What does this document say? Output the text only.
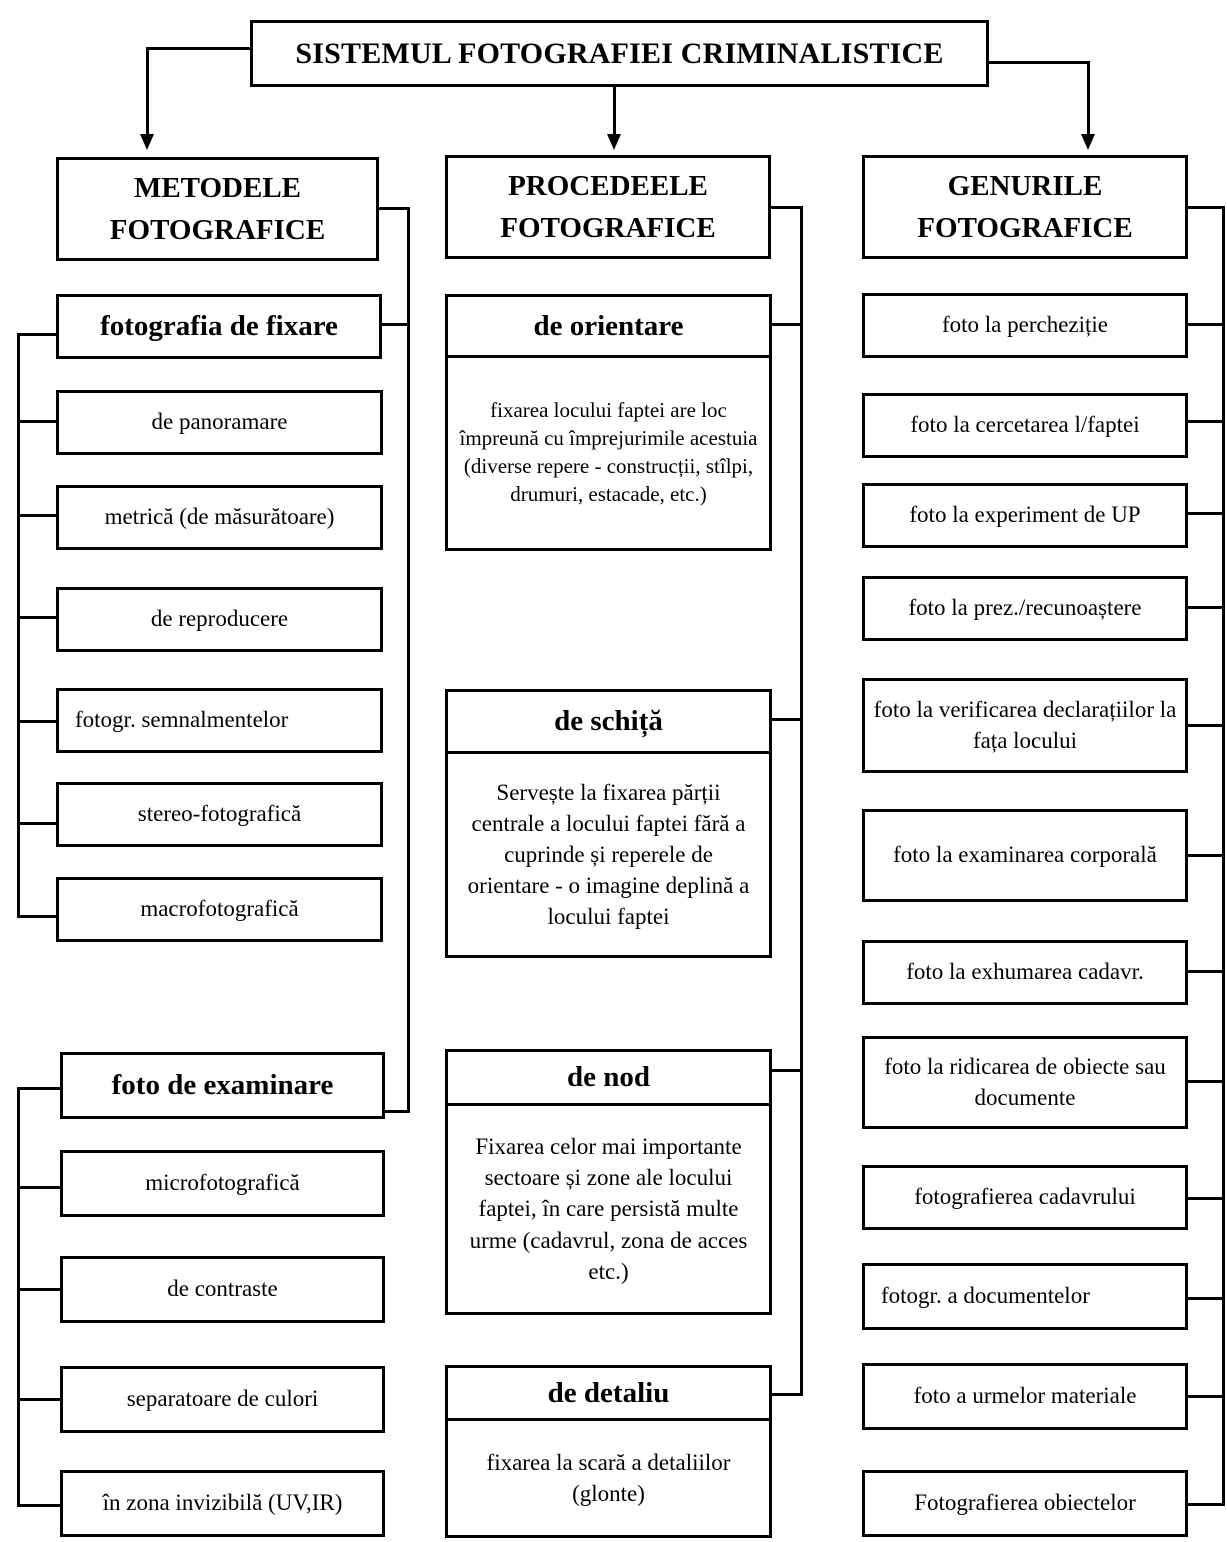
SISTEMUL FOTOGRAFIEI CRIMINALISTICE
METODELE
FOTOGRAFICE
fotografia de fixare
de panoramare
metrică (de măsurătoare)
de reproducere
fotogr. semnalmentelor
stereo-fotografică
macrofotografică
foto de examinare
microfotografică
de contraste
separatoare de culori
în zona invizibilă (UV,IR)
PROCEDEELE
FOTOGRAFICE
de orientare
fixarea locului faptei are loc împreună cu împrejurimile acestuia (diverse repere - construcții, stîlpi, drumuri, estacade, etc.)
de schiță
Servește la fixarea părții centrale a locului faptei fără a cuprinde și reperele de orientare - o imagine deplină a locului faptei
de nod
Fixarea celor mai importante sectoare și zone ale locului faptei, în care persistă multe urme (cadavrul, zona de acces etc.)
de detaliu
fixarea la scară a detaliilor (glonte)
GENURILE
FOTOGRAFICE
foto la percheziție
foto la cercetarea l/faptei
foto la experiment de UP
foto la prez./recunoaștere
foto la verificarea declarațiilor la fața locului
foto la examinarea corporală
foto la exhumarea cadavr.
foto la ridicarea de obiecte sau documente
fotografierea cadavrului
fotogr. a documentelor
foto a urmelor materiale
Fotografierea obiectelor
